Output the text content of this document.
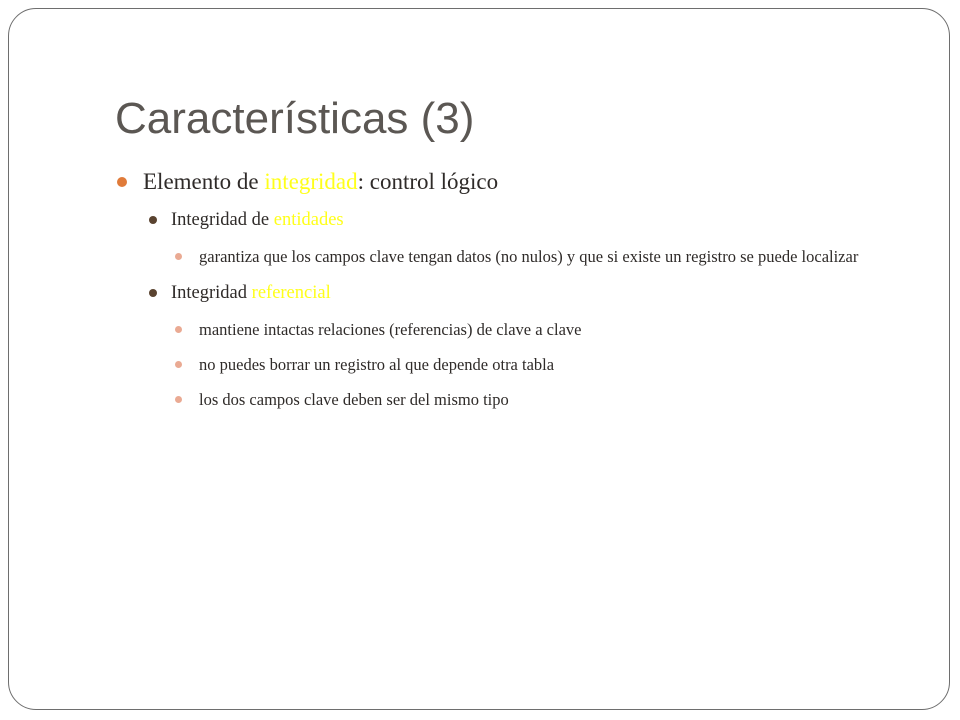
Características (3)
Elemento de integridad: control lógico
Integridad de entidades
garantiza que los campos clave tengan datos (no nulos) y que si existe un registro se puede localizar
Integridad referencial
mantiene intactas relaciones (referencias) de clave a clave
no puedes borrar un registro al que depende otra tabla
los dos campos clave deben ser del mismo tipo
